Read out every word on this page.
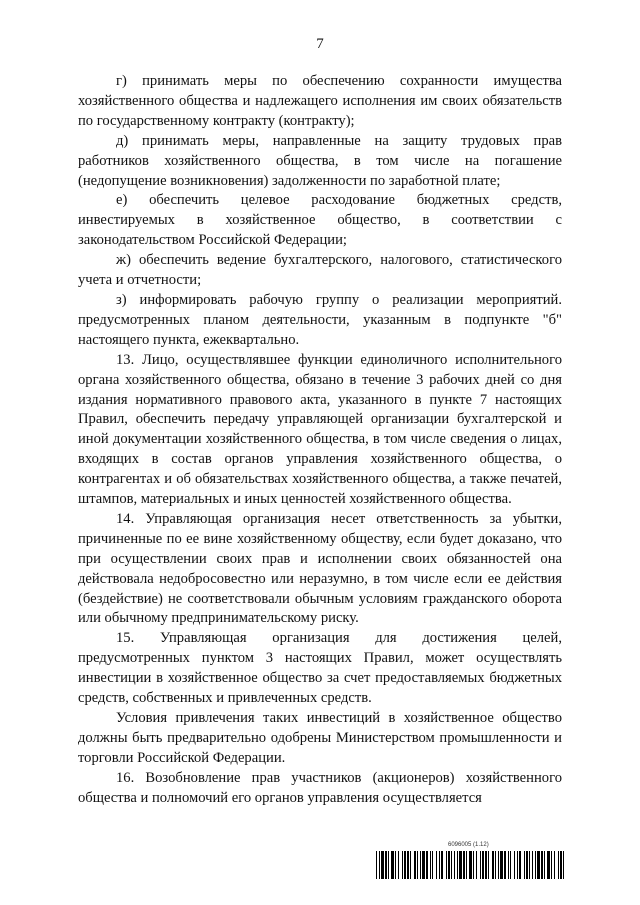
7

г) принимать меры по обеспечению сохранности имущества хозяйственного общества и надлежащего исполнения им своих обязательств по государственному контракту (контракту);

д) принимать меры, направленные на защиту трудовых прав работников хозяйственного общества, в том числе на погашение (недопущение возникновения) задолженности по заработной плате;

е) обеспечить целевое расходование бюджетных средств, инвестируемых в хозяйственное общество, в соответствии с законодательством Российской Федерации;

ж) обеспечить ведение бухгалтерского, налогового, статистического учета и отчетности;

з) информировать рабочую группу о реализации мероприятий. предусмотренных планом деятельности, указанным в подпункте "б" настоящего пункта, ежеквартально.

13. Лицо, осуществлявшее функции единоличного исполнительного органа хозяйственного общества, обязано в течение 3 рабочих дней со дня издания нормативного правового акта, указанного в пункте 7 настоящих Правил, обеспечить передачу управляющей организации бухгалтерской и иной документации хозяйственного общества, в том числе сведения о лицах, входящих в состав органов управления хозяйственного общества, о контрагентах и об обязательствах хозяйственного общества, а также печатей, штампов, материальных и иных ценностей хозяйственного общества.

14. Управляющая организация несет ответственность за убытки, причиненные по ее вине хозяйственному обществу, если будет доказано, что при осуществлении своих прав и исполнении своих обязанностей она действовала недобросовестно или неразумно, в том числе если ее действия (бездействие) не соответствовали обычным условиям гражданского оборота или обычному предпринимательскому риску.

15. Управляющая организация для достижения целей, предусмотренных пунктом 3 настоящих Правил, может осуществлять инвестиции в хозяйственное общество за счет предоставляемых бюджетных средств, собственных и привлеченных средств.

Условия привлечения таких инвестиций в хозяйственное общество должны быть предварительно одобрены Министерством промышленности и торговли Российской Федерации.

16. Возобновление прав участников (акционеров) хозяйственного общества и полномочий его органов управления осуществляется

6096005 (1.12)
